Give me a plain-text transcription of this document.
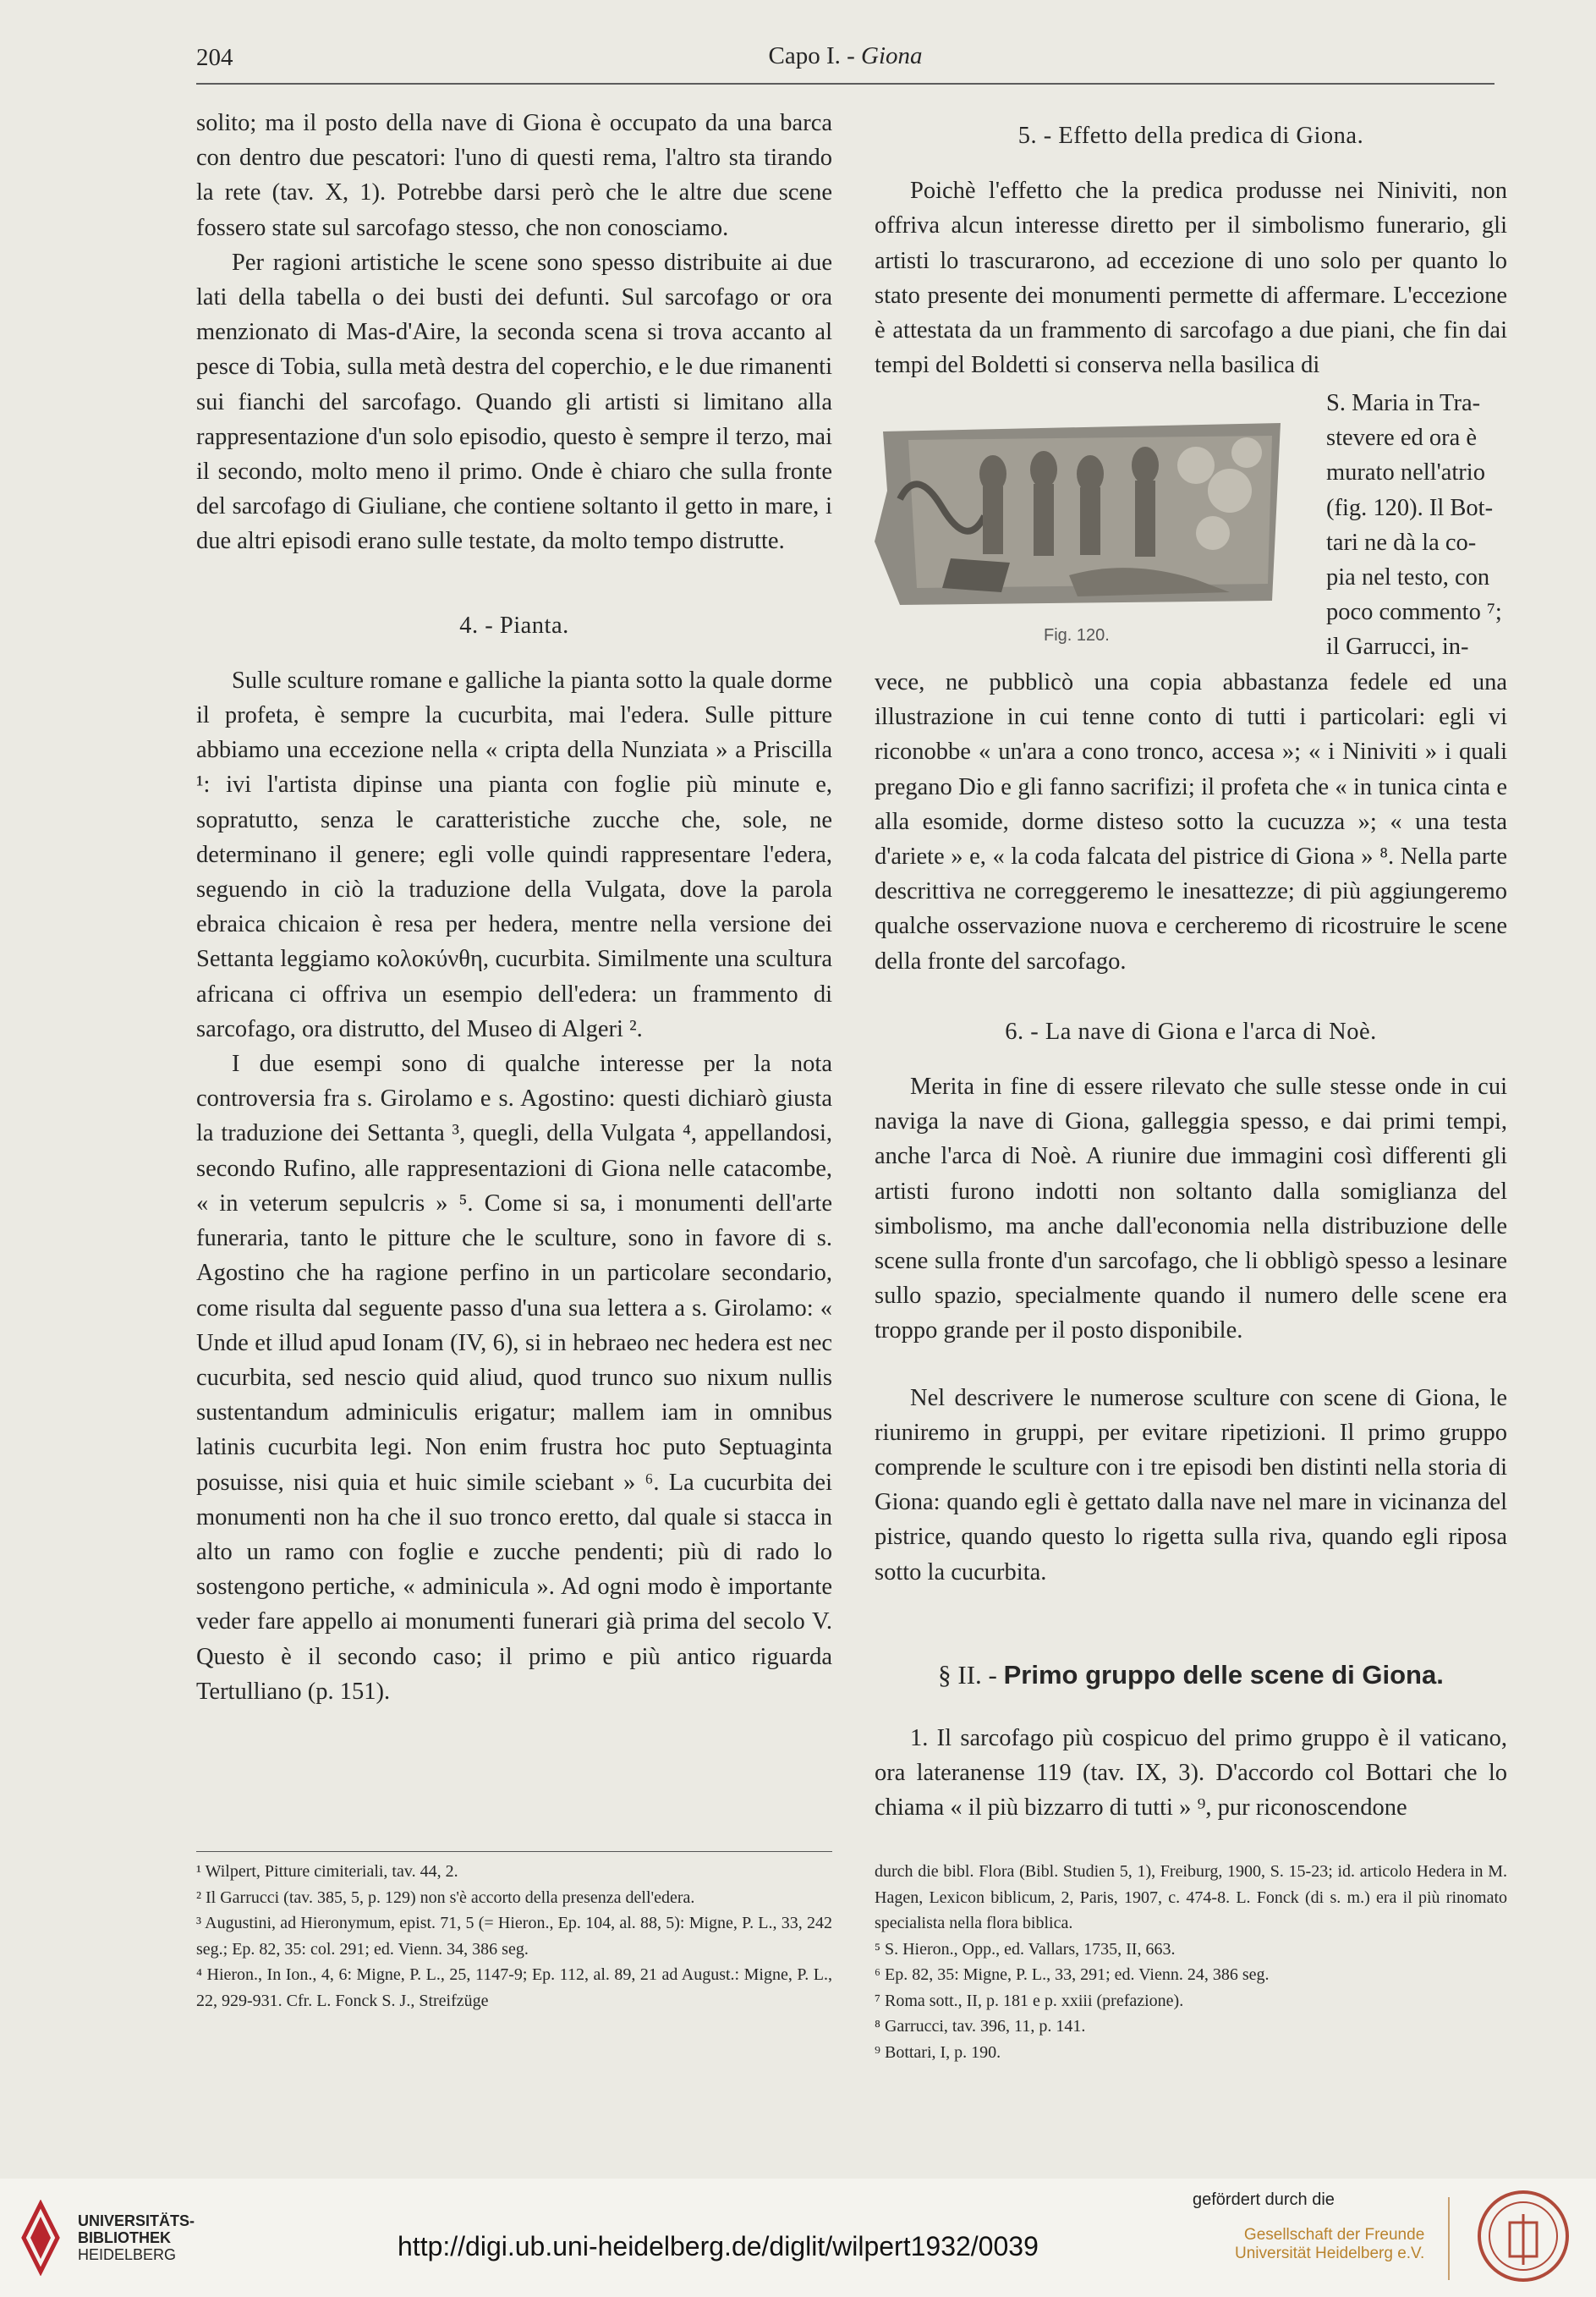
204	Capo I. - Giona

solito; ma il posto della nave di Giona è occupato da una barca con dentro due pescatori: l'uno di questi rema, l'altro sta tirando la rete (tav. X, 1). Potrebbe darsi però che le altre due scene fossero state sul sarcofago stesso, che non conosciamo.

Per ragioni artistiche le scene sono spesso distribuite ai due lati della tabella o dei busti dei defunti. Sul sarcofago or ora menzionato di Mas-d'Aire, la seconda scena si trova accanto al pesce di Tobia, sulla metà destra del coperchio, e le due rimanenti sui fianchi del sarcofago. Quando gli artisti si limitano alla rappresentazione d'un solo episodio, questo è sempre il terzo, mai il secondo, molto meno il primo. Onde è chiaro che sulla fronte del sarcofago di Giuliane, che contiene soltanto il getto in mare, i due altri episodi erano sulle testate, da molto tempo distrutte.

4. - Pianta.

Sulle sculture romane e galliche la pianta sotto la quale dorme il profeta, è sempre la cucurbita, mai l'edera. Sulle pitture abbiamo una eccezione nella « cripta della Nunziata » a Priscilla ¹: ivi l'artista dipinse una pianta con foglie più minute e, sopratutto, senza le caratteristiche zucche che, sole, ne determinano il genere; egli volle quindi rappresentare l'edera, seguendo in ciò la traduzione della Vulgata, dove la parola ebraica chicaion è resa per hedera, mentre nella versione dei Settanta leggiamo κολοκύνθη, cucurbita. Similmente una scultura africana ci offriva un esempio dell'edera: un frammento di sarcofago, ora distrutto, del Museo di Algeri ².

I due esempi sono di qualche interesse per la nota controversia fra s. Girolamo e s. Agostino: questi dichiarò giusta la traduzione dei Settanta ³, quegli, della Vulgata ⁴, appellandosi, secondo Rufino, alle rappresentazioni di Giona nelle catacombe, « in veterum sepulcris » ⁵. Come si sa, i monumenti dell'arte funeraria, tanto le pitture che le sculture, sono in favore di s. Agostino che ha ragione perfino in un particolare secondario, come risulta dal seguente passo d'una sua lettera a s. Girolamo: « Unde et illud apud Ionam (IV, 6), si in hebraeo nec hedera est nec cucurbita, sed nescio quid aliud, quod trunco suo nixum nullis sustentandum adminiculis erigatur; mallem iam in omnibus latinis cucurbita legi. Non enim frustra hoc puto Septuaginta posuisse, nisi quia et huic simile sciebant » ⁶. La cucurbita dei monumenti non ha che il suo tronco eretto, dal quale si stacca in alto un ramo con foglie e zucche pendenti; più di rado lo sostengono pertiche, « adminicula ». Ad ogni modo è importante veder fare appello ai monumenti funerari già prima del secolo V. Questo è il secondo caso; il primo e più antico riguarda Tertulliano (p. 151).

5. - Effetto della predica di Giona.

Poichè l'effetto che la predica produsse nei Niniviti, non offriva alcun interesse diretto per il simbolismo funerario, gli artisti lo trascurarono, ad eccezione di uno solo per quanto lo stato presente dei monumenti permette di affermare. L'eccezione è attestata da un frammento di sarcofago a due piani, che fin dai tempi del Boldetti si conserva nella basilica di

Fig. 120.
S. Maria in Tra-
stevere ed ora è
murato nell'atrio
(fig. 120). Il Bot-
tari ne dà la co-
pia nel testo, con
poco commento ⁷;
il Garrucci, in-

vece, ne pubblicò una copia abbastanza fedele ed una illustrazione in cui tenne conto di tutti i particolari: egli vi riconobbe « un'ara a cono tronco, accesa »; « i Niniviti » i quali pregano Dio e gli fanno sacrifizi; il profeta che « in tunica cinta e alla esomide, dorme disteso sotto la cucuzza »; « una testa d'ariete » e, « la coda falcata del pistrice di Giona » ⁸. Nella parte descrittiva ne correggeremo le inesattezze; di più aggiungeremo qualche osservazione nuova e cercheremo di ricostruire le scene della fronte del sarcofago.

6. - La nave di Giona e l'arca di Noè.

Merita in fine di essere rilevato che sulle stesse onde in cui naviga la nave di Giona, galleggia spesso, e dai primi tempi, anche l'arca di Noè. A riunire due immagini così differenti gli artisti furono indotti non soltanto dalla somiglianza del simbolismo, ma anche dall'economia nella distribuzione delle scene sulla fronte d'un sarcofago, che li obbligò spesso a lesinare sullo spazio, specialmente quando il numero delle scene era troppo grande per il posto disponibile.

Nel descrivere le numerose sculture con scene di Giona, le riuniremo in gruppi, per evitare ripetizioni. Il primo gruppo comprende le sculture con i tre episodi ben distinti nella storia di Giona: quando egli è gettato dalla nave nel mare in vicinanza del pistrice, quando questo lo rigetta sulla riva, quando egli riposa sotto la cucurbita.

§ II. - Primo gruppo delle scene di Giona.

1. Il sarcofago più cospicuo del primo gruppo è il vaticano, ora lateranense 119 (tav. IX, 3). D'accordo col Bottari che lo chiama « il più bizzarro di tutti » ⁹, pur riconoscendone

¹ Wilpert, Pitture cimiteriali, tav. 44, 2.
² Il Garrucci (tav. 385, 5, p. 129) non s'è accorto della presenza dell'edera.
³ Augustini, ad Hieronymum, epist. 71, 5 (= Hieron., Ep. 104, al. 88, 5): Migne, P. L., 33, 242 seg.; Ep. 82, 35: col. 291; ed. Vienn. 34, 386 seg.
⁴ Hieron., In Ion., 4, 6: Migne, P. L., 25, 1147-9; Ep. 112, al. 89, 21 ad August.: Migne, P. L., 22, 929-931. Cfr. L. Fonck S. J., Streifzüge
durch die bibl. Flora (Bibl. Studien 5, 1), Freiburg, 1900, S. 15-23; id. articolo Hedera in M. Hagen, Lexicon biblicum, 2, Paris, 1907, c. 474-8. L. Fonck (di s. m.) era il più rinomato specialista nella flora biblica.
⁵ S. Hieron., Opp., ed. Vallars, 1735, II, 663.
⁶ Ep. 82, 35: Migne, P. L., 33, 291; ed. Vienn. 24, 386 seg.
⁷ Roma sott., II, p. 181 e p. xxiii (prefazione).
⁸ Garrucci, tav. 396, 11, p. 141.
⁹ Bottari, I, p. 190.
UNIVERSITÄTS-
BIBLIOTHEK
HEIDELBERG	http://digi.ub.uni-heidelberg.de/diglit/wilpert1932/0039
gefördert durch die
Gesellschaft der Freunde
Universität Heidelberg e.V.
